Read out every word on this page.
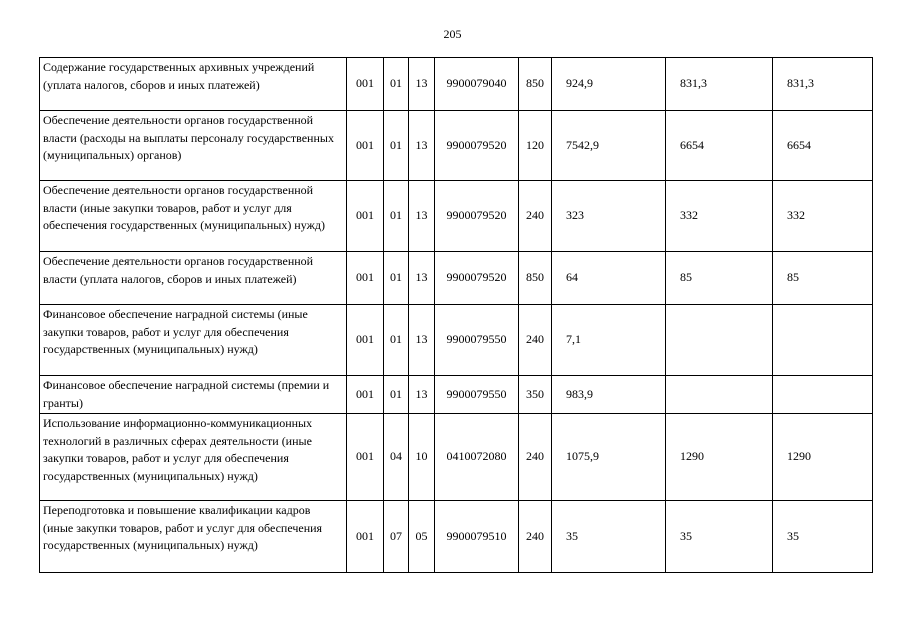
205
Содержание государственных архивных учреждений (уплата налогов, сборов и иных платежей)	001	01	13	9900079040	850	924,9	831,3	831,3
Обеспечение деятельности органов государственной власти (расходы на выплаты персоналу государственных (муниципальных) органов)	001	01	13	9900079520	120	7542,9	6654	6654
Обеспечение деятельности органов государственной власти (иные закупки товаров, работ и услуг для обеспечения государственных (муниципальных) нужд)	001	01	13	9900079520	240	323	332	332
Обеспечение деятельности органов государственной власти (уплата налогов, сборов и иных платежей)	001	01	13	9900079520	850	64	85	85
Финансовое обеспечение наградной системы (иные закупки товаров, работ и услуг для обеспечения государственных (муниципальных) нужд)	001	01	13	9900079550	240	7,1		
Финансовое обеспечение наградной системы (премии и гранты)	001	01	13	9900079550	350	983,9		
Использование информационно-коммуникационных технологий в различных сферах деятельности (иные закупки товаров, работ и услуг для обеспечения государственных (муниципальных) нужд)	001	04	10	0410072080	240	1075,9	1290	1290
Переподготовка и повышение квалификации кадров (иные закупки товаров, работ и услуг для обеспечения государственных (муниципальных) нужд)	001	07	05	9900079510	240	35	35	35
